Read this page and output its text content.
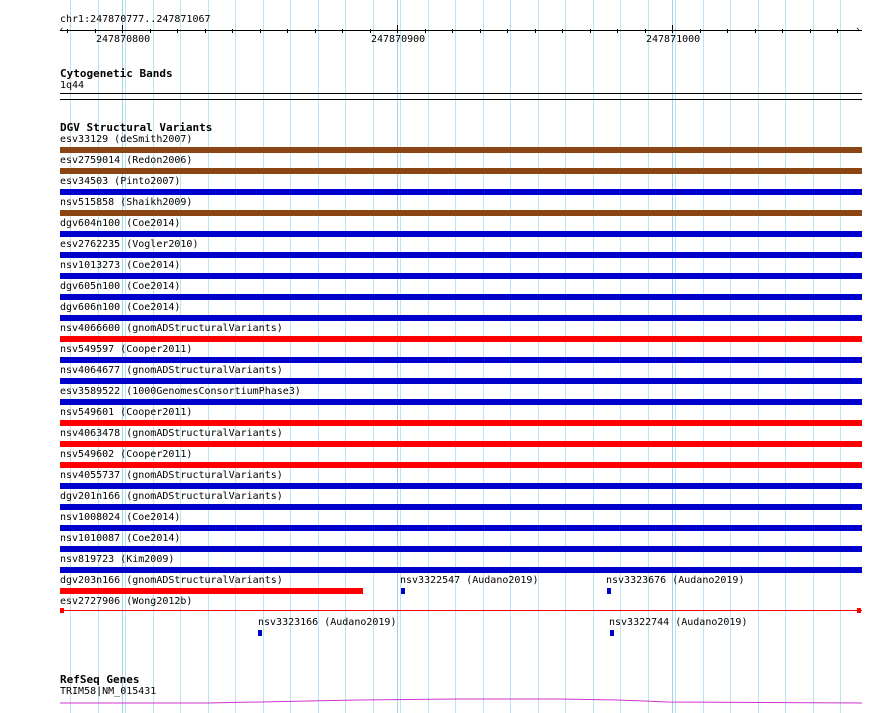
chr1:247870777..247871067
‹	›
247870800	247870900	247871000
Cytogenetic Bands
1q44
DGV Structural Variants
esv33129 (deSmith2007)
esv2759014 (Redon2006)
esv34503 (Pinto2007)
nsv515858 (Shaikh2009)
dgv604n100 (Coe2014)
esv2762235 (Vogler2010)
nsv1013273 (Coe2014)
dgv605n100 (Coe2014)
dgv606n100 (Coe2014)
nsv4066600 (gnomADStructuralVariants)
nsv549597 (Cooper2011)
nsv4064677 (gnomADStructuralVariants)
esv3589522 (1000GenomesConsortiumPhase3)
nsv549601 (Cooper2011)
nsv4063478 (gnomADStructuralVariants)
nsv549602 (Cooper2011)
nsv4055737 (gnomADStructuralVariants)
dgv201n166 (gnomADStructuralVariants)
nsv1008024 (Coe2014)
nsv1010087 (Coe2014)
nsv819723 (Kim2009)
dgv203n166 (gnomADStructuralVariants)	nsv3322547 (Audano2019)	nsv3323676 (Audano2019)
esv2727906 (Wong2012b)
nsv3323166 (Audano2019)	nsv3322744 (Audano2019)
RefSeq Genes
TRIM58|NM_015431
